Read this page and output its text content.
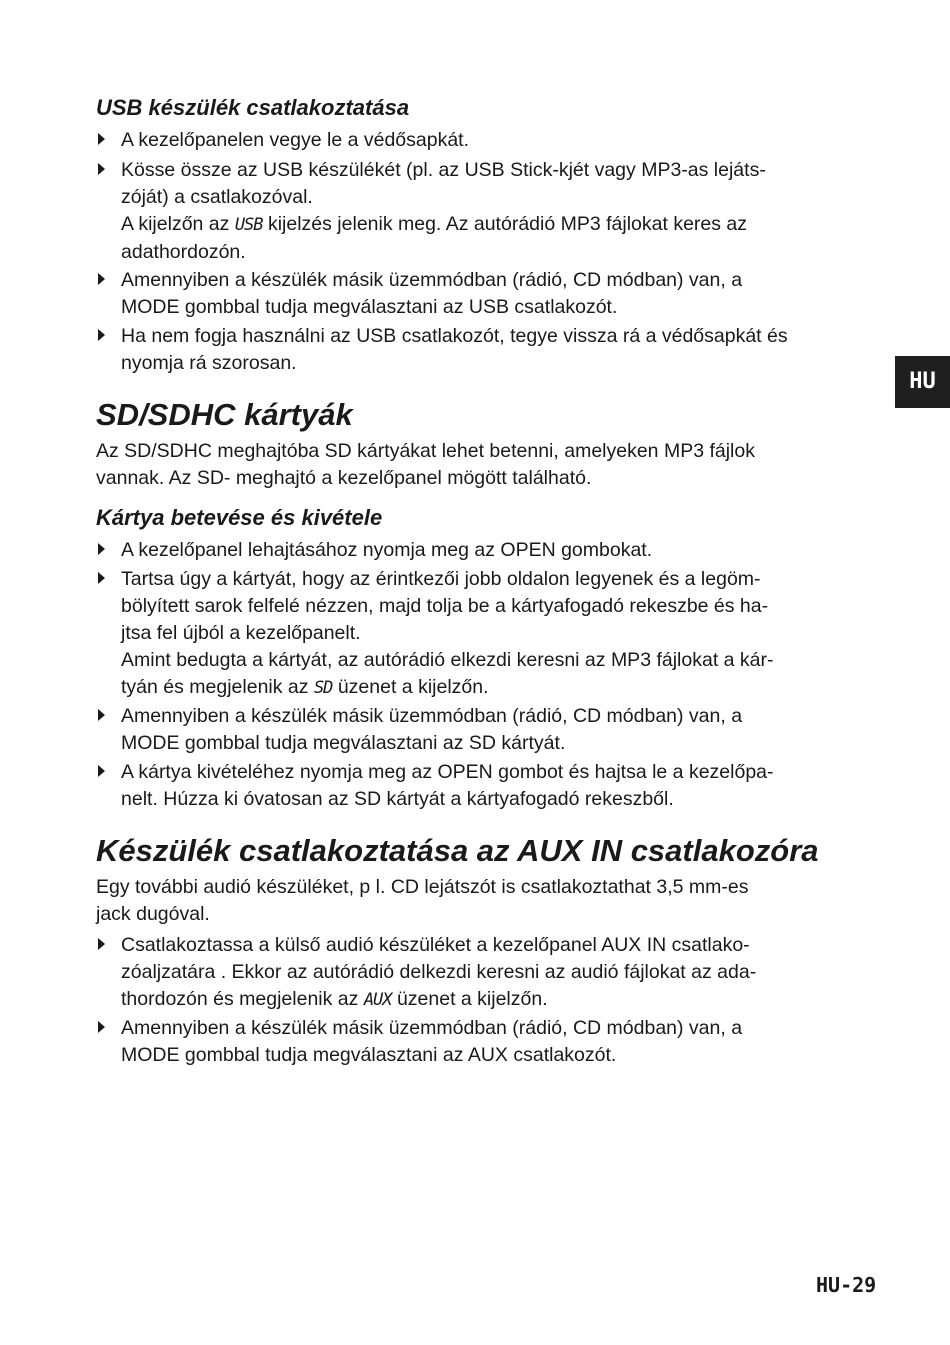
USB készülék csatlakoztatása
A kezelőpanelen vegye le a védősapkát.
Kösse össze az USB készülékét (pl. az USB Stick-kjét vagy MP3-as lejáts-
zóját) a csatlakozóval.
A kijelzőn az USB kijelzés jelenik meg. Az autórádió MP3 fájlokat keres az
adathordozón.
Amennyiben a készülék másik üzemmódban (rádió, CD módban) van, a
MODE gombbal tudja megválasztani az USB csatlakozót.
Ha nem fogja használni az USB csatlakozót, tegye vissza rá a védősapkát és
nyomja rá szorosan.
SD/SDHC kártyák

Az SD/SDHC meghajtóba SD kártyákat lehet betenni, amelyeken MP3 fájlok
vannak. Az SD- meghajtó a kezelőpanel mögött található.

Kártya betevése és kivétele
A kezelőpanel lehajtásához nyomja meg az OPEN gombokat.
Tartsa úgy a kártyát, hogy az érintkezői jobb oldalon legyenek és a legöm-
bölyített sarok felfelé nézzen, majd tolja be a kártyafogadó rekeszbe és ha-
jtsa fel újból a kezelőpanelt.
Amint bedugta a kártyát, az autórádió elkezdi keresni az MP3 fájlokat a kár-
tyán és megjelenik az SD üzenet a kijelzőn.
Amennyiben a készülék másik üzemmódban (rádió, CD módban) van, a
MODE gombbal tudja megválasztani az SD kártyát.
A kártya kivételéhez nyomja meg az OPEN gombot és hajtsa le a kezelőpa-
nelt. Húzza ki óvatosan az SD kártyát a kártyafogadó rekeszből.
Készülék csatlakoztatása az AUX IN csatlakozóra

Egy további audió készüléket, p l. CD lejátszót is csatlakoztathat 3,5 mm-es
jack dugóval.

Csatlakoztassa a külső audió készüléket a kezelőpanel AUX IN csatlako-
zóaljzatára . Ekkor az autórádió delkezdi keresni az audió fájlokat az ada-
thordozón és megjelenik az AUX üzenet a kijelzőn.
Amennyiben a készülék másik üzemmódban (rádió, CD módban) van, a
MODE gombbal tudja megválasztani az AUX csatlakozót.
HU
HU-29
